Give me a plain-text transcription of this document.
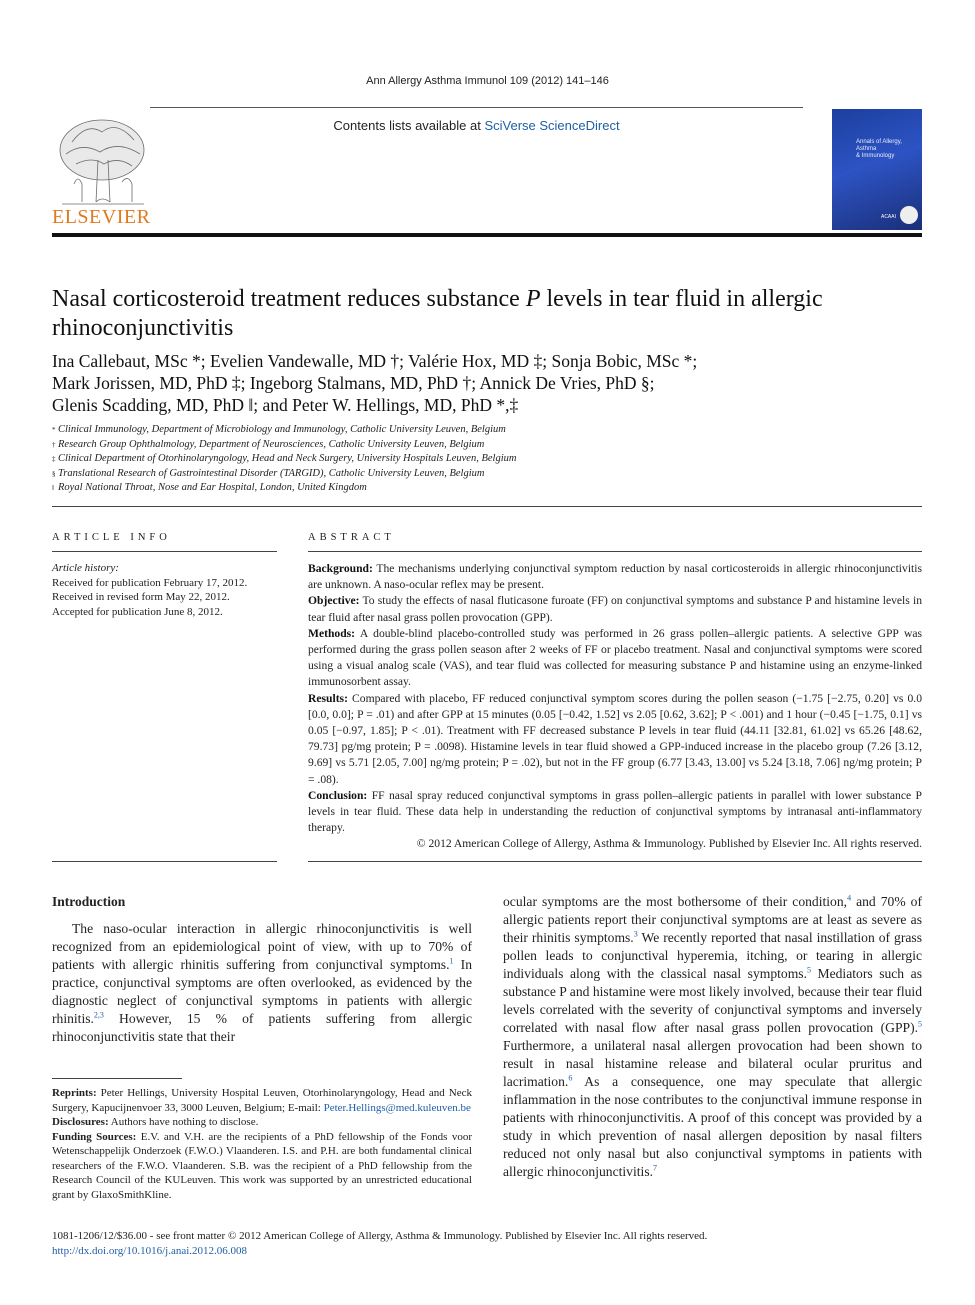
Ann Allergy Asthma Immunol 109 (2012) 141–146
Contents lists available at SciVerse ScienceDirect
ELSEVIER
Annals of Allergy, Asthma
& Immunology
ACAAI
Nasal corticosteroid treatment reduces substance P levels in tear fluid in allergic rhinoconjunctivitis
Ina Callebaut, MSc *; Evelien Vandewalle, MD †; Valérie Hox, MD ‡; Sonja Bobic, MSc *;
Mark Jorissen, MD, PhD ‡; Ingeborg Stalmans, MD, PhD †; Annick De Vries, PhD §;
Glenis Scadding, MD, PhD ‖; and Peter W. Hellings, MD, PhD *,‡
* Clinical Immunology, Department of Microbiology and Immunology, Catholic University Leuven, Belgium
† Research Group Ophthalmology, Department of Neurosciences, Catholic University Leuven, Belgium
‡ Clinical Department of Otorhinolaryngology, Head and Neck Surgery, University Hospitals Leuven, Belgium
§ Translational Research of Gastrointestinal Disorder (TARGID), Catholic University Leuven, Belgium
‖ Royal National Throat, Nose and Ear Hospital, London, United Kingdom
ARTICLE INFO
Article history:
Received for publication February 17, 2012.
Received in revised form May 22, 2012.
Accepted for publication June 8, 2012.
ABSTRACT
Background: The mechanisms underlying conjunctival symptom reduction by nasal corticosteroids in allergic rhinoconjunctivitis are unknown. A naso-ocular reflex may be present.
Objective: To study the effects of nasal fluticasone furoate (FF) on conjunctival symptoms and substance P and histamine levels in tear fluid after nasal grass pollen provocation (GPP).
Methods: A double-blind placebo-controlled study was performed in 26 grass pollen–allergic patients. A selective GPP was performed during the grass pollen season after 2 weeks of FF or placebo treatment. Nasal and conjunctival symptoms were scored using a visual analog scale (VAS), and tear fluid was collected for measuring substance P and histamine using an enzyme-linked immunosorbent assay.
Results: Compared with placebo, FF reduced conjunctival symptom scores during the pollen season (−1.75 [−2.75, 0.20] vs 0.0 [0.0, 0.0]; P = .01) and after GPP at 15 minutes (0.05 [−0.42, 1.52] vs 2.05 [0.62, 3.62]; P < .001) and 1 hour (−0.45 [−1.75, 0.1] vs 0.05 [−0.97, 1.85]; P < .01). Treatment with FF decreased substance P levels in tear fluid (44.11 [32.81, 61.02] vs 65.26 [48.62, 79.73] pg/mg protein; P = .0098). Histamine levels in tear fluid showed a GPP-induced increase in the placebo group (7.26 [3.12, 9.69] vs 5.71 [2.05, 7.00] ng/mg protein; P = .02), but not in the FF group (6.77 [3.43, 13.00] vs 5.24 [3.18, 7.06] ng/mg protein; P = .08).
Conclusion: FF nasal spray reduced conjunctival symptoms in grass pollen–allergic patients in parallel with lower substance P levels in tear fluid. These data help in understanding the reduction of conjunctival symptoms by intranasal anti-inflammatory therapy.
© 2012 American College of Allergy, Asthma & Immunology. Published by Elsevier Inc. All rights reserved.
Introduction
The naso-ocular interaction in allergic rhinoconjunctivitis is well recognized from an epidemiological point of view, with up to 70% of patients with allergic rhinitis suffering from conjunctival symptoms.$^1$ In practice, conjunctival symptoms are often overlooked, as evidenced by the diagnostic neglect of conjunctival symptoms in patients with allergic rhinitis.$^{2,3}$ However, 15 % of patients suffering from allergic rhinoconjunctivitis state that their
ocular symptoms are the most bothersome of their condition,$^4$ and 70% of allergic patients report their conjunctival symptoms are at least as severe as their rhinitis symptoms.$^3$ We recently reported that nasal instillation of grass pollen leads to conjunctival hyperemia, itching, or tearing in allergic individuals along with the classical nasal symptoms.$^5$ Mediators such as substance P and histamine were most likely involved, because their tear fluid levels correlated with the severity of conjunctival symptoms and inversely correlated with nasal flow after nasal grass pollen provocation (GPP).$^5$ Furthermore, a unilateral nasal allergen provocation had been shown to result in nasal histamine release and bilateral ocular pruritus and lacrimation.$^6$ As a consequence, one may speculate that allergic inflammation in the nose contributes to the conjunctival immune response in patients with rhinoconjunctivitis. A proof of this concept was provided by a study in which prevention of nasal allergen deposition by nasal filters reduced not only nasal but also conjunctival symptoms in patients with allergic rhinoconjunctivitis.$^7$
Reprints: Peter Hellings, University Hospital Leuven, Otorhinolaryngology, Head and Neck Surgery, Kapucijnenvoer 33, 3000 Leuven, Belgium; E-mail: Peter.Hellings@med.kuleuven.be
Disclosures: Authors have nothing to disclose.
Funding Sources: E.V. and V.H. are the recipients of a PhD fellowship of the Fonds voor Wetenschappelijk Onderzoek (F.W.O.) Vlaanderen. I.S. and P.H. are both fundamental clinical researchers of the F.W.O. Vlaanderen. S.B. was the recipient of a PhD fellowship from the Research Council of the KULeuven. This work was supported by an unrestricted educational grant by GlaxoSmithKline.
1081-1206/12/$36.00 - see front matter © 2012 American College of Allergy, Asthma & Immunology. Published by Elsevier Inc. All rights reserved.
http://dx.doi.org/10.1016/j.anai.2012.06.008
